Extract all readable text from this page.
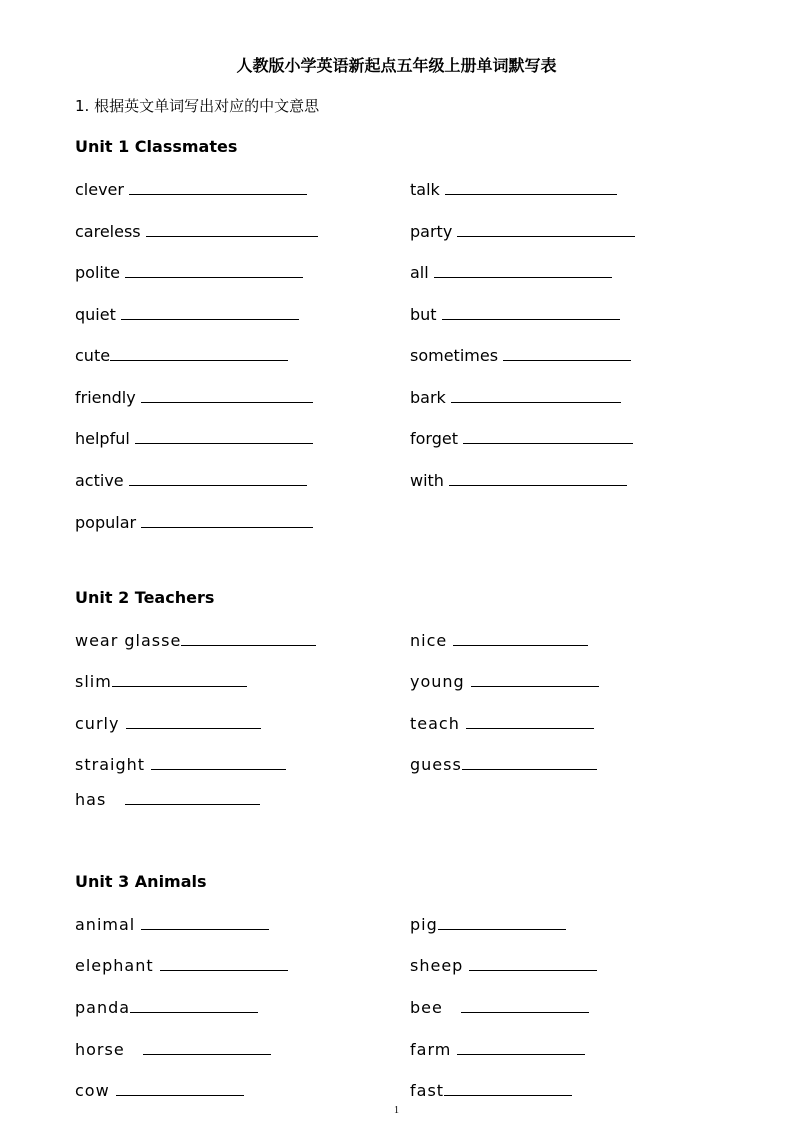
人教版小学英语新起点五年级上册单词默写表
1. 根据英文单词写出对应的中文意思
Unit 1 Classmates
clever
careless
polite
quiet
cute
friendly
helpful
active
popular
talk
party
all
but
sometimes
bark
forget
with
Unit 2 Teachers
wear glasse
slim
curly
straight
has
nice
young
teach
guess
Unit 3 Animals
animal
elephant
panda
horse
cow
pig
sheep
bee
farm
fast
1
